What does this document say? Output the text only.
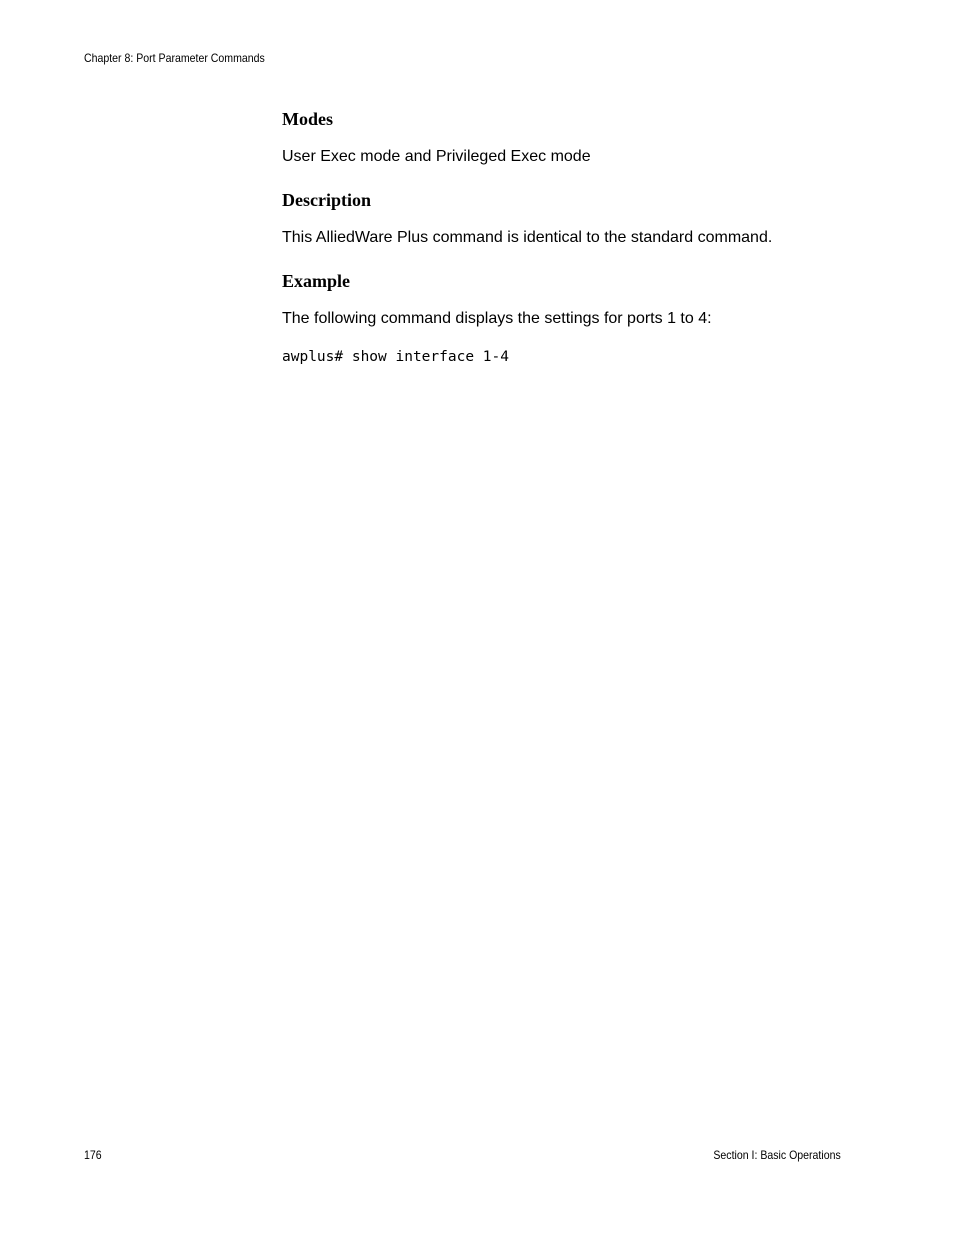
Chapter 8: Port Parameter Commands
Modes

User Exec mode and Privileged Exec mode

Description

This AlliedWare Plus command is identical to the standard command.

Example

The following command displays the settings for ports 1 to 4:

awplus# show interface 1-4
176	Section I: Basic Operations
